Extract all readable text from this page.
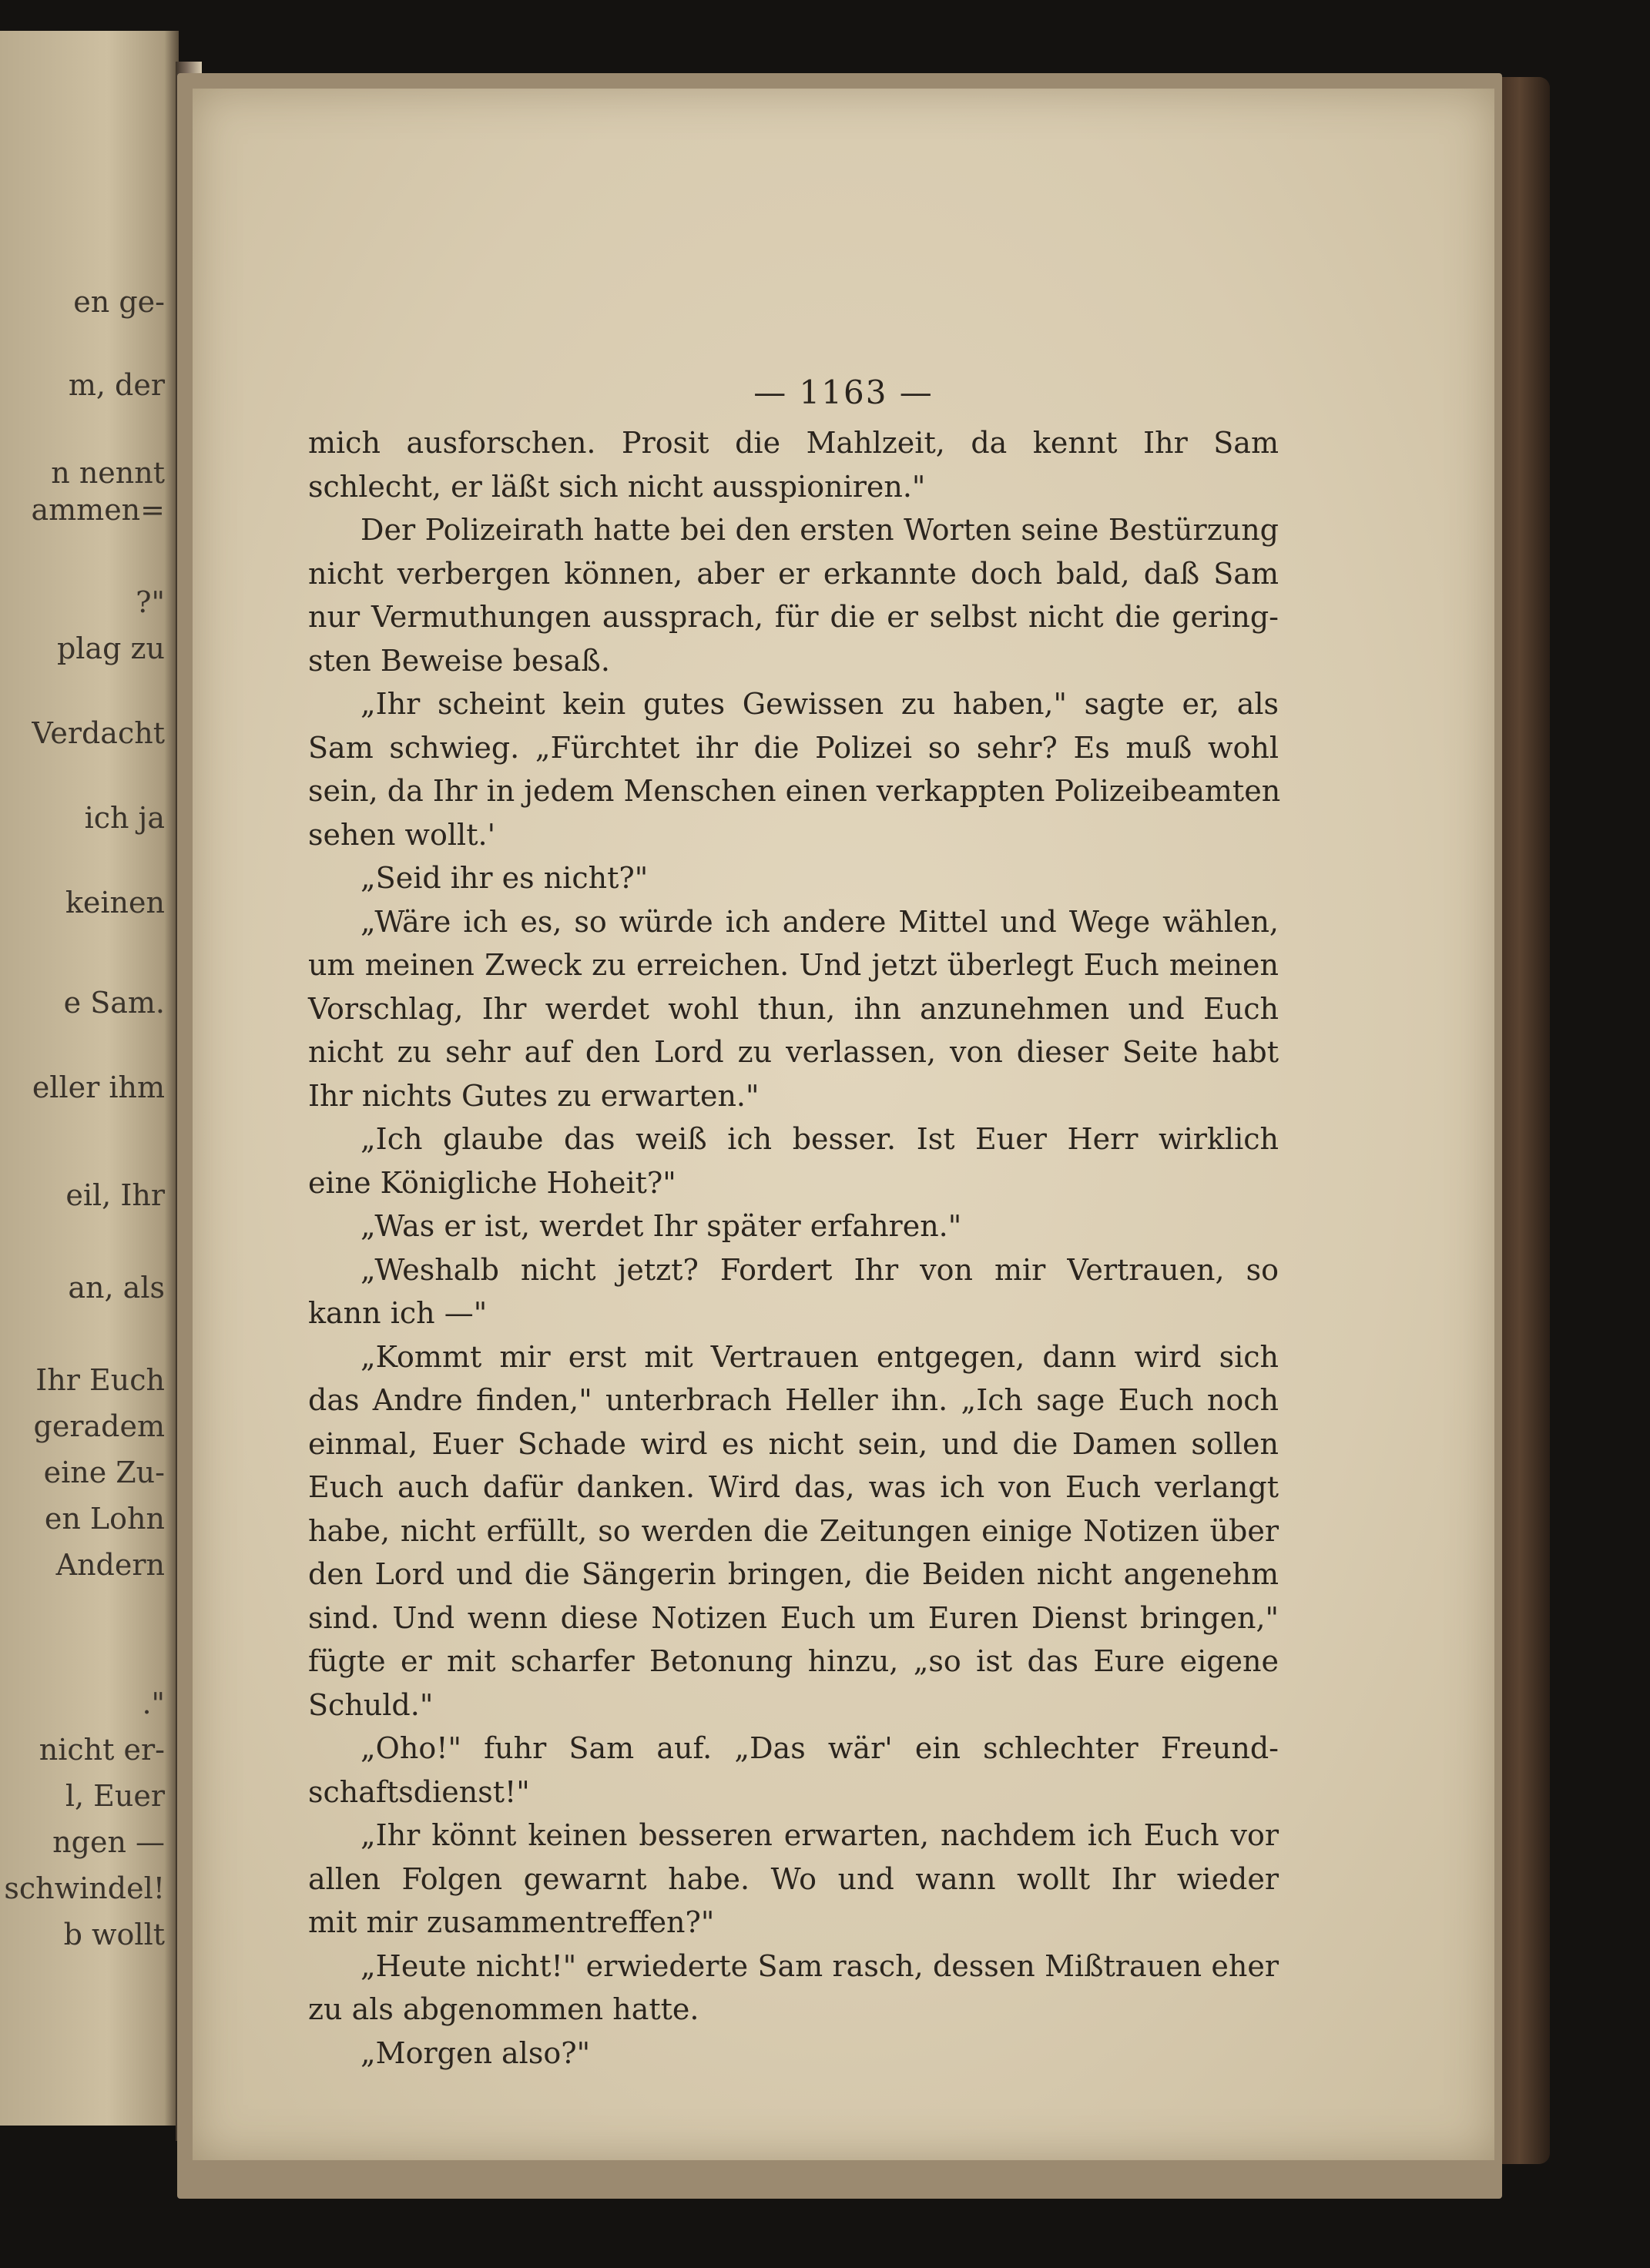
en ge-
m, der
n nennt
ammen=
?"
plag zu
Verdacht
ich ja
keinen
e Sam.
eller ihm
eil, Ihr
an, als
Ihr Euch
geradem
eine Zu-
en Lohn
Andern
."
nicht er-
l, Euer
ngen —
schwindel!
b wollt
— 1163 —
mich ausforschen. Prosit die Mahlzeit, da kennt Ihr Sam
schlecht, er läßt sich nicht ausspioniren."
Der Polizeirath hatte bei den ersten Worten seine Bestürzung
nicht verbergen können, aber er erkannte doch bald, daß Sam
nur Vermuthungen aussprach, für die er selbst nicht die gering-
sten Beweise besaß.
„Ihr scheint kein gutes Gewissen zu haben," sagte er, als
Sam schwieg. „Fürchtet ihr die Polizei so sehr? Es muß wohl
sein, da Ihr in jedem Menschen einen verkappten Polizeibeamten
sehen wollt.'
„Seid ihr es nicht?"
„Wäre ich es, so würde ich andere Mittel und Wege wählen,
um meinen Zweck zu erreichen. Und jetzt überlegt Euch meinen
Vorschlag, Ihr werdet wohl thun, ihn anzunehmen und Euch
nicht zu sehr auf den Lord zu verlassen, von dieser Seite habt
Ihr nichts Gutes zu erwarten."
„Ich glaube das weiß ich besser. Ist Euer Herr wirklich
eine Königliche Hoheit?"
„Was er ist, werdet Ihr später erfahren."
„Weshalb nicht jetzt? Fordert Ihr von mir Vertrauen, so
kann ich —"
„Kommt mir erst mit Vertrauen entgegen, dann wird sich
das Andre finden," unterbrach Heller ihn. „Ich sage Euch noch
einmal, Euer Schade wird es nicht sein, und die Damen sollen
Euch auch dafür danken. Wird das, was ich von Euch verlangt
habe, nicht erfüllt, so werden die Zeitungen einige Notizen über
den Lord und die Sängerin bringen, die Beiden nicht angenehm
sind. Und wenn diese Notizen Euch um Euren Dienst bringen,"
fügte er mit scharfer Betonung hinzu, „so ist das Eure eigene
Schuld."
„Oho!" fuhr Sam auf. „Das wär' ein schlechter Freund-
schaftsdienst!"
„Ihr könnt keinen besseren erwarten, nachdem ich Euch vor
allen Folgen gewarnt habe. Wo und wann wollt Ihr wieder
mit mir zusammentreffen?"
„Heute nicht!" erwiederte Sam rasch, dessen Mißtrauen eher
zu als abgenommen hatte.
„Morgen also?"
